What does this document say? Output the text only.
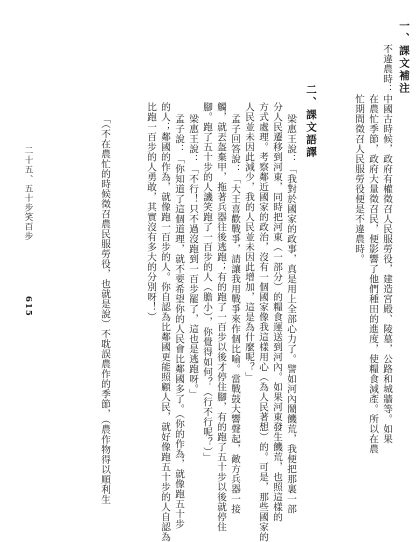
一、課文補注
不違農時：中國古時候，政府有權徵召人民服勞役，建造宮殿、陵墓，公路和城牆等。如果
在農忙季節，政府大量徵召民，便影響了他們種田的進度，使糧食減產。所以在農
忙期間徵召人民服勞役便是不違農時。
二、課文語譯
梁惠王說：「我對於國家的政事，真是用上全部心力了。譬如河內鬧饑荒，我便把那裏一部
分人民遷移到河東，同時把河東（一部分）的糧食運送到河內。如果河東發生饑荒，也照這樣的
方式處理。考察鄰近國家的政治，沒有一個國家像我這樣用心（為人民著想）的。可是，那些國家的
人民並未因此減少，我的人民並未因此增加，這是為什麼呢？」
孟子回答說：「大王喜歡戰爭，請讓我用戰爭來作個比喻。當戰鼓大響聲起，敵方兵器一接
觸，就丟盔棄甲，拖著兵器往後逃跑；有的跑了一百步以後才停住腳，有的跑了五十步以後就停住
腳。跑了五十步的人譏笑跑了一百步的人（膽小），你覺得如何？（行不行呢？）」
梁惠王說：「不行！只不過沒跑到一百步罷了，這也是逃跑呀。」
孟子說：「你知道了這個道理，就不要希望你的人民會比鄰國多了。（你的作為，就像跑五十步
的人；鄰國的作為，就像跑一百步的人。你自認為比鄰國更能照顧人民，就好像跑五十步的人自認為
比跑一百步的人勇敢，其實沒有多大的分別呀！）
「（不在農忙的時候徵召農民服勞役，也就是說）不耽誤農作的季節，（農作物得以順利生
二十五、五十步笑百步
615
